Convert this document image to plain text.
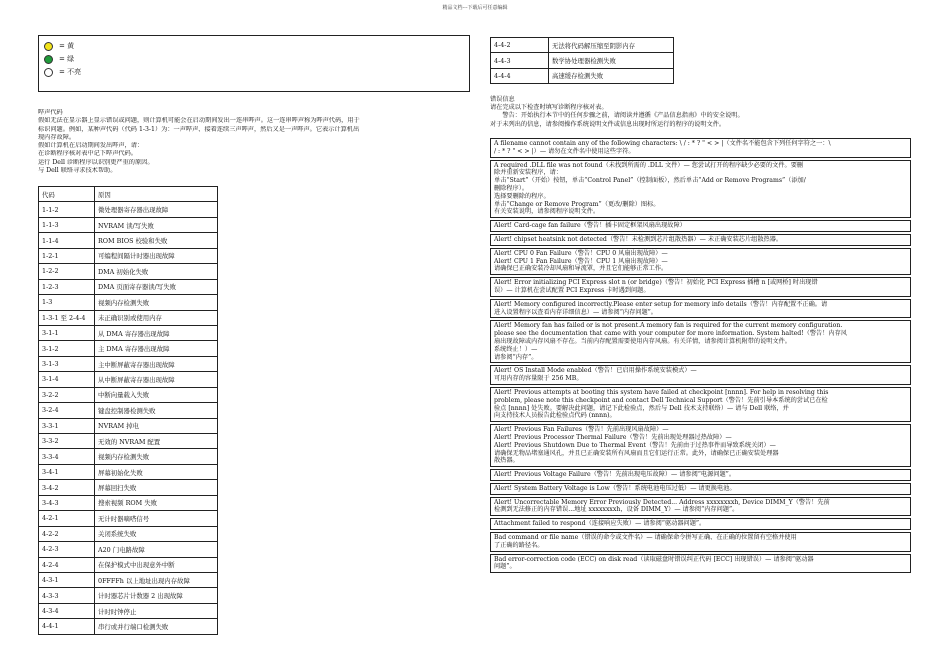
精品文档---下载后可任意编辑
= 黄
= 绿
= 不亮
哔声代码
假如无法在显示器上显示错误或问题，则计算机可能会在启动期间发出一连串哔声。这一连串哔声称为哔声代码，用于
标识问题。例如，某种声代码（代码 1-3-1）为：一声哔声、接着连续三声哔声，然后又是一声哔声。它表示计算机出
现内存故障。
假如计算机在启动期间发出哔声，请：
在诊断程序核对表中记下哔声代码。
运行 Dell 诊断程序以识别更严重的原因。
与 Dell 联络寻求技术帮助。
代码	原因
1-1-2	微处理器寄存器出现故障
1-1-3	NVRAM 读/写失败
1-1-4	ROM BIOS 校验和失败
1-2-1	可编程间隔计时器出现故障
1-2-2	DMA 初始化失败
1-2-3	DMA 页面寄存器读/写失败
1-3	视频内存检测失败
1-3-1 至 2-4-4	未正确识别或使用内存
3-1-1	从 DMA 寄存器出现故障
3-1-2	主 DMA 寄存器出现故障
3-1-3	主中断屏蔽寄存器出现故障
3-1-4	从中断屏蔽寄存器出现故障
3-2-2	中断向量载入失败
3-2-4	键盘控制器检测失败
3-3-1	NVRAM 掉电
3-3-2	无效的 NVRAM 配置
3-3-4	视频内存检测失败
3-4-1	屏幕初始化失败
3-4-2	屏幕回扫失败
3-4-3	搜索视频 ROM 失败
4-2-1	无计时器嘀嗒信号
4-2-2	关闭系统失败
4-2-3	A20 门电路故障
4-2-4	在保护模式中出现意外中断
4-3-1	0FFFFh 以上地址出现内存故障
4-3-3	计时器芯片计数器 2 出现故障
4-3-4	计时时钟停止
4-4-1	串行或并行端口检测失败
4-4-2	无法将代码解压缩至阴影内存
4-4-3	数学协处理器检测失败
4-4-4	高速缓存检测失败
错误信息
请在完成以下检查时填写诊断程序核对表。
　　警告：开始执行本节中的任何步骤之前，请阅读并遵循《产品信息指南》中的安全说明。
对于未列出的信息，请参阅操作系统说明文件或信息出现时所运行的程序的说明文件。
A filename cannot contain any of the following characters: \ / : * ? " < > |（文件名不能包含下列任何字符之一：\
/ : * ? " < > |）— 请勿在文件名中使用这些字符。
A required .DLL file was not found（未找到所需的 .DLL 文件）— 您尝试打开的程序缺少必要的文件。要删
除并重新安装程序，请：
单击“Start”（开始）按钮，单击“Control Panel”（控制面板），然后单击“Add or Remove Programs”（添加/
删除程序）。
选择要删除的程序。
单击“Change or Remove Program”（更改/删除）图标。
有关安装说明，请参阅程序说明文件。
Alert! Card-cage fan failure（警告！插卡固定框架风扇出现故障）
Alert! chipset heatsink not detected（警告！未检测到芯片组散热器）— 未正确安装芯片组散热器。
Alert! CPU 0 Fan Failure（警告！CPU 0 风扇出现故障）—
Alert! CPU 1 Fan Failure（警告！CPU 1 风扇出现故障）—
请确保已正确安装冷却风扇和导流罩，并且它们能够正常工作。
Alert! Error initializing PCI Express slot n (or bridge)（警告！初始化 PCI Express 插槽 n [或网桥] 时出现错
误）— 计算机在尝试配置 PCI Express 卡时遇到问题。
Alert! Memory configured incorrectly.Please enter setup for memory info details（警告！内存配置不正确。请
进入设置程序以查看内存详细信息）— 请参阅“内存问题”。
Alert! Memory fan has failed or is not present.A memory fan is required for the current memory configuration.
please see the documentation that came with your computer for more information. System halted!（警告！内存风
扇出现故障或内存风扇不存在。当前内存配置需要使用内存风扇。有关详情，请参阅计算机附带的说明文件。
系统终止！）—
请参阅“内存”。
Alert! OS Install Mode enabled（警告！已启用操作系统安装模式）—
可用内存的容量限于 256 MB。
Alert! Previous attempts at booting this system have failed at checkpoint [nnnn]. For help in resolving this
problem, please note this checkpoint and contact Dell Technical Support（警告！先前引导本系统的尝试已在检
验点 [nnnn] 处失败。要解决此问题，请记下此检验点，然后与 Dell 技术支持联络）— 请与 Dell 联络，并
向支持技术人员报告此检验点代码 (nnnn)。
Alert! Previous Fan Failures（警告！先前出现风扇故障）—
Alert! Previous Processor Thermal Failure（警告！先前出现处理器过热故障）—
Alert! Previous Shutdown Due to Thermal Event（警告！先前由于过热事件而导致系统关闭）—
请确保无物品堵塞通风孔，并且已正确安装所有风扇而且它们运行正常。此外，请确保已正确安装处理器
散热器。
Alert! Previous Voltage Failure（警告！先前出现电压故障）— 请参阅“电源问题”。
Alert! System Battery Voltage is Low（警告！系统电池电压过低）— 请更换电池。
Alert! Uncorrectable Memory Error Previously Detected... Address xxxxxxxxh, Device DIMM_Y（警告！先前
检测到无法修正的内存错误...地址 xxxxxxxxh，设备 DIMM_Y）— 请参阅“内存问题”。
Attachment failed to respond（连接响应失败）— 请参阅“驱动器问题”。
Bad command or file name（错误的命令或文件名）— 请确保命令拼写正确、在正确的位置留有空格并使用
了正确的路径名。
Bad error-correction code (ECC) on disk read（读取磁盘时错误纠正代码 [ECC] 出现错误）— 请参阅“驱动器
问题”。
